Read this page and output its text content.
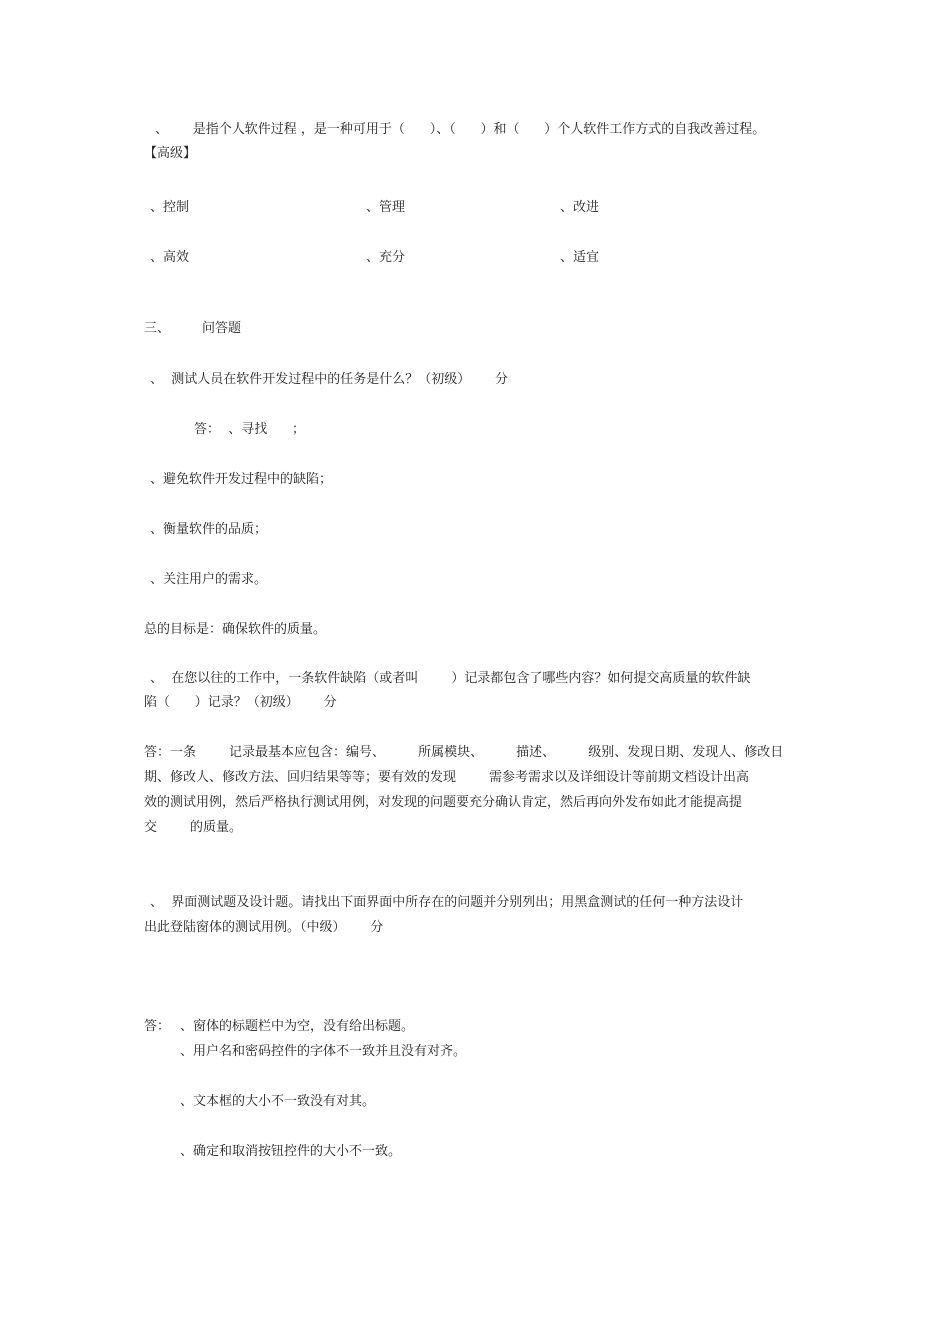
、      是指个人软件过程 ，是一种可用于（      ）、（      ）和（      ）个人软件工作方式的自我改善过程。
【高级】
、控制	、管理	、改进
、高效	、充分	、适宜
三、 问答题
、  测试人员在软件开发过程中的任务是什么？（初级）      分
答：  、寻找      ；
、避免软件开发过程中的缺陷；
、衡量软件的品质；
、关注用户的需求。
总的目标是：确保软件的质量。
、  在您以往的工作中，一条软件缺陷（或者叫        ）记录都包含了哪些内容？如何提交高质量的软件缺
陷（      ）记录？（初级）      分
答：一条        记录最基本应包含：编号、        所属模块、        描述、        级别、发现日期、发现人、修改日
期、修改人、修改方法、回归结果等等；要有效的发现        需参考需求以及详细设计等前期文档设计出高
效的测试用例，然后严格执行测试用例，对发现的问题要充分确认肯定，然后再向外发布如此才能提高提
交        的质量。
、  界面测试题及设计题。请找出下面界面中所存在的问题并分别列出；用黑盒测试的任何一种方法设计
出此登陆窗体的测试用例。（中级）      分
答： 、窗体的标题栏中为空，没有给出标题。
、用户名和密码控件的字体不一致并且没有对齐。
、文本框的大小不一致没有对其。
、确定和取消按钮控件的大小不一致。
